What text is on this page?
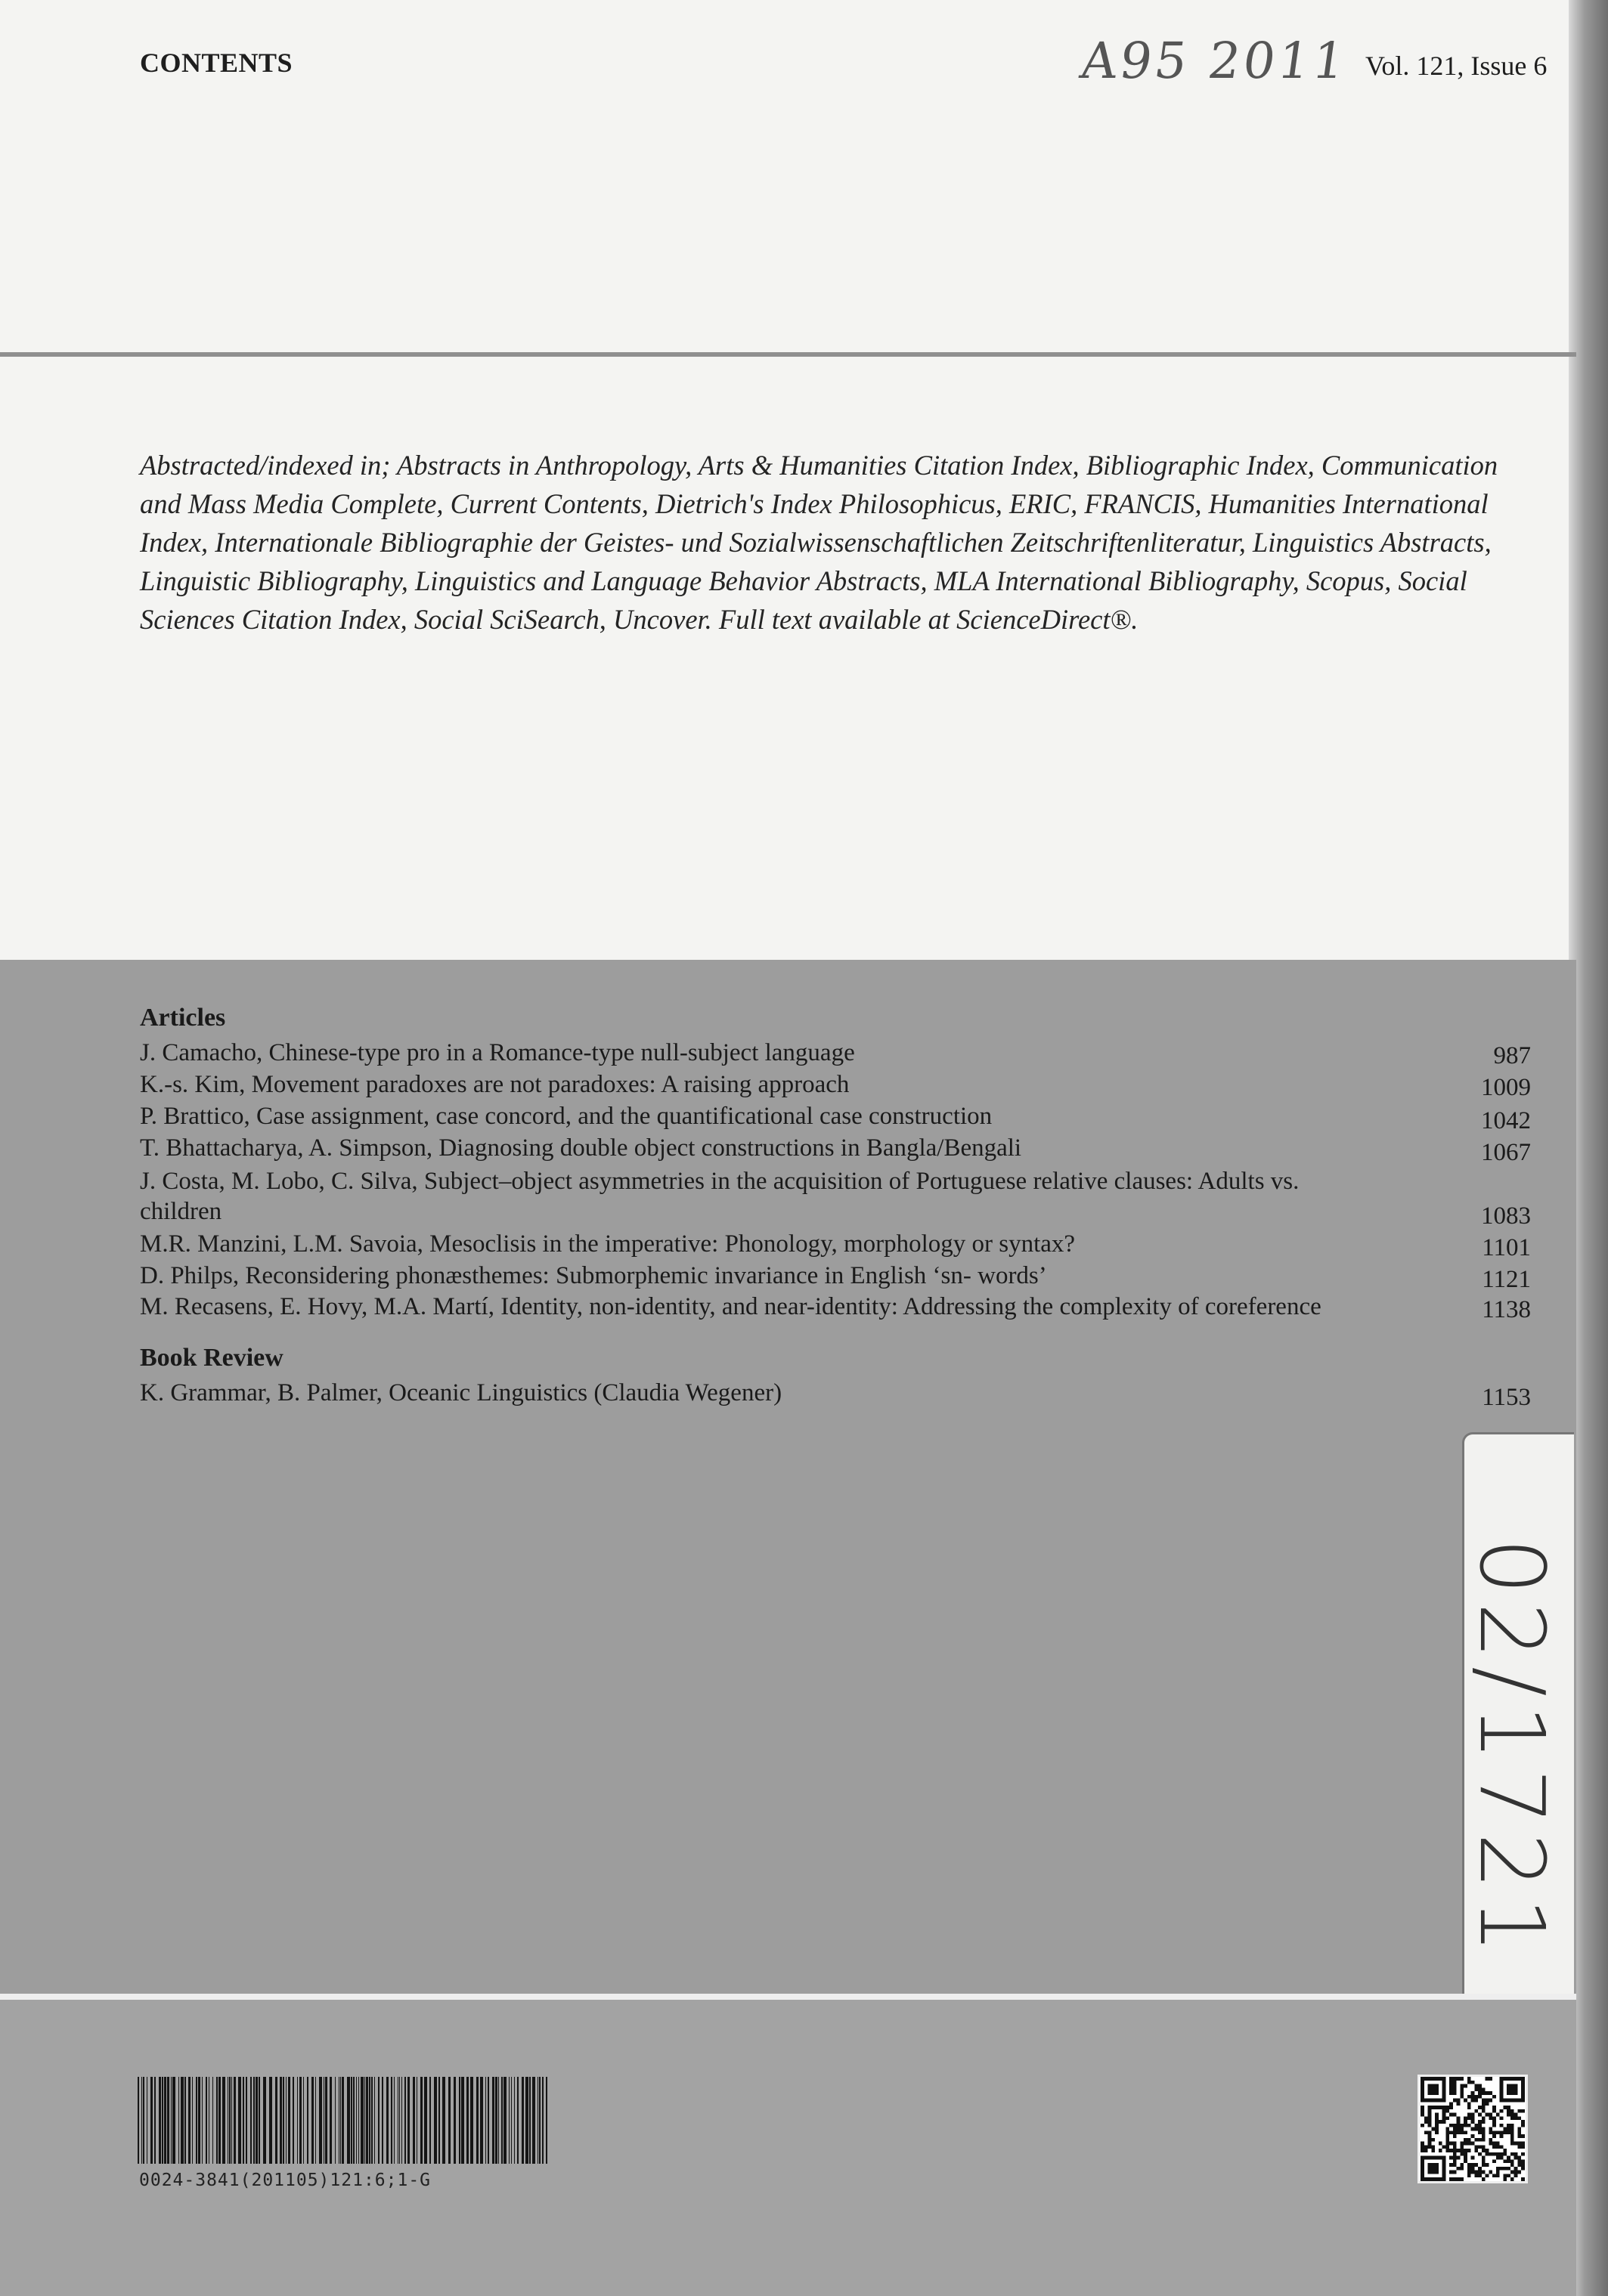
CONTENTS	A95 2011 Vol. 121, Issue 6
Abstracted/indexed in; Abstracts in Anthropology, Arts & Humanities Citation Index, Bibliographic Index, Communication
and Mass Media Complete, Current Contents, Dietrich's Index Philosophicus, ERIC, FRANCIS, Humanities International
Index, Internationale Bibliographie der Geistes- und Sozialwissenschaftlichen Zeitschriftenliteratur, Linguistics Abstracts,
Linguistic Bibliography, Linguistics and Language Behavior Abstracts, MLA International Bibliography, Scopus, Social
Sciences Citation Index, Social SciSearch, Uncover. Full text available at ScienceDirect®.
Articles
J. Camacho, Chinese-type pro in a Romance-type null-subject language	987
K.-s. Kim, Movement paradoxes are not paradoxes: A raising approach	1009
P. Brattico, Case assignment, case concord, and the quantificational case construction	1042
T. Bhattacharya, A. Simpson, Diagnosing double object constructions in Bangla/Bengali	1067
J. Costa, M. Lobo, C. Silva, Subject–object asymmetries in the acquisition of Portuguese relative clauses: Adults vs.
children	1083
M.R. Manzini, L.M. Savoia, Mesoclisis in the imperative: Phonology, morphology or syntax?	1101
D. Philps, Reconsidering phonæsthemes: Submorphemic invariance in English ‘sn- words’	1121
M. Recasens, E. Hovy, M.A. Martí, Identity, non-identity, and near-identity: Addressing the complexity of coreference	1138
Book Review
K. Grammar, B. Palmer, Oceanic Linguistics (Claudia Wegener)	1153
02/1721
0024-3841(201105)121:6;1-G
